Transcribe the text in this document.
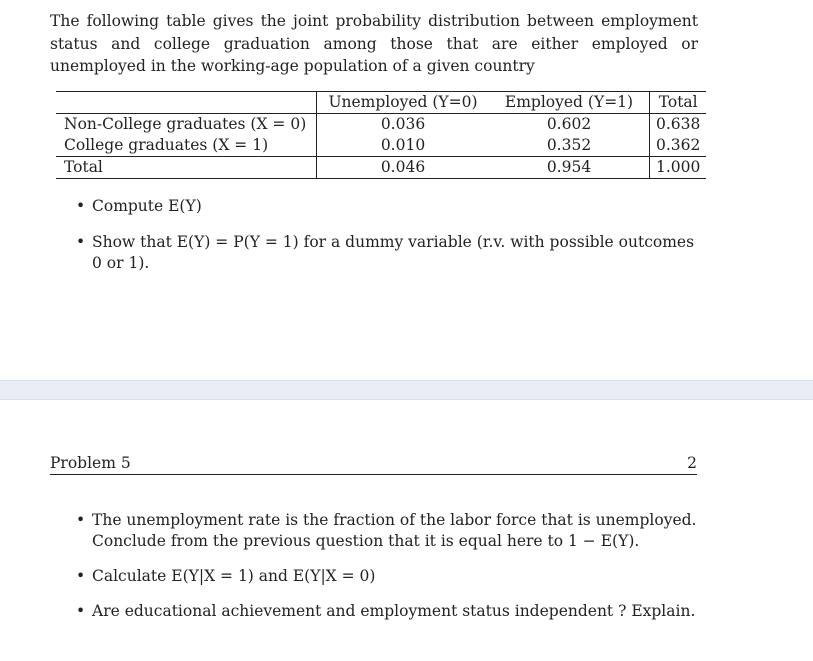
The following table gives the joint probability distribution between employment status and college graduation among those that are either employed or unemployed in the working-age population of a given country

	Unemployed (Y=0)	Employed (Y=1)	Total
Non-College graduates (X = 0)	0.036	0.602	0.638
College graduates (X = 1)	0.010	0.352	0.362
Total	0.046	0.954	1.000
• Compute E(Y)
• Show that E(Y) = P(Y = 1) for a dummy variable (r.v. with possible outcomes 0 or 1).
Problem 5	2
• The unemployment rate is the fraction of the labor force that is unemployed. Conclude from the previous question that it is equal here to 1 − E(Y).
• Calculate E(Y|X = 1) and E(Y|X = 0)
• Are educational achievement and employment status independent ? Explain.
